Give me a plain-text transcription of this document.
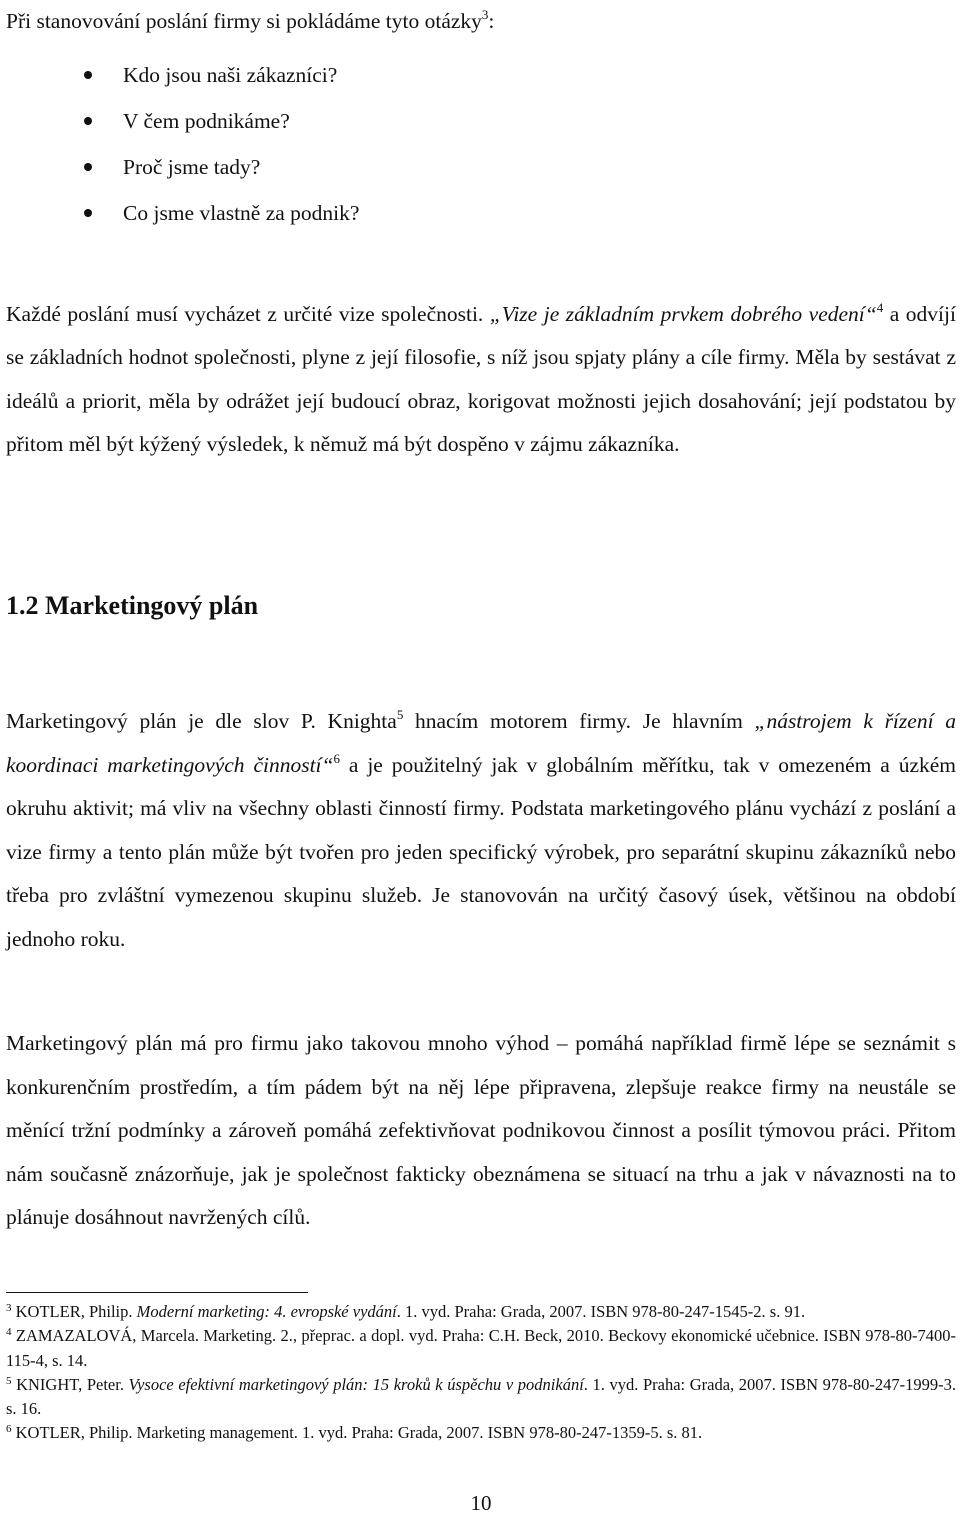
Při stanovování poslání firmy si pokládáme tyto otázky$^3$:

Kdo jsou naši zákazníci?
V čem podnikáme?
Proč jsme tady?
Co jsme vlastně za podnik?

Každé poslání musí vycházet z určité vize společnosti. „Vize je základním prvkem dobrého vedení“$^4$ a odvíjí se základních hodnot společnosti, plyne z její filosofie, s níž jsou spjaty plány a cíle firmy. Měla by sestávat z ideálů a priorit, měla by odrážet její budoucí obraz, korigovat možnosti jejich dosahování; její podstatou by přitom měl být kýžený výsledek, k němuž má být dospěno v zájmu zákazníka.

1.2 Marketingový plán

Marketingový plán je dle slov P. Knighta$^5$ hnacím motorem firmy. Je hlavním „nástrojem k řízení a koordinaci marketingových činností“$^6$ a je použitelný jak v globálním měřítku, tak v omezeném a úzkém okruhu aktivit; má vliv na všechny oblasti činností firmy. Podstata marketingového plánu vychází z poslání a vize firmy a tento plán může být tvořen pro jeden specifický výrobek, pro separátní skupinu zákazníků nebo třeba pro zvláštní vymezenou skupinu služeb. Je stanovován na určitý časový úsek, většinou na období jednoho roku.

Marketingový plán má pro firmu jako takovou mnoho výhod – pomáhá například firmě lépe se seznámit s konkurenčním prostředím, a tím pádem být na něj lépe připravena, zlepšuje reakce firmy na neustále se měnící tržní podmínky a zároveň pomáhá zefektivňovat podnikovou činnost a posílit týmovou práci. Přitom nám současně znázorňuje, jak je společnost fakticky obeznámena se situací na trhu a jak v návaznosti na to plánuje dosáhnout navržených cílů.

$^3$ KOTLER, Philip. Moderní marketing: 4. evropské vydání. 1. vyd. Praha: Grada, 2007. ISBN 978-80-247-1545-2. s. 91.

$^4$ ZAMAZALOVÁ, Marcela. Marketing. 2., přeprac. a dopl. vyd. Praha: C.H. Beck, 2010. Beckovy ekonomické učebnice. ISBN 978-80-7400-115-4, s. 14.

$^5$ KNIGHT, Peter. Vysoce efektivní marketingový plán: 15 kroků k úspěchu v podnikání. 1. vyd. Praha: Grada, 2007. ISBN 978-80-247-1999-3. s. 16.

$^6$ KOTLER, Philip. Marketing management. 1. vyd. Praha: Grada, 2007. ISBN 978-80-247-1359-5. s. 81.

10
